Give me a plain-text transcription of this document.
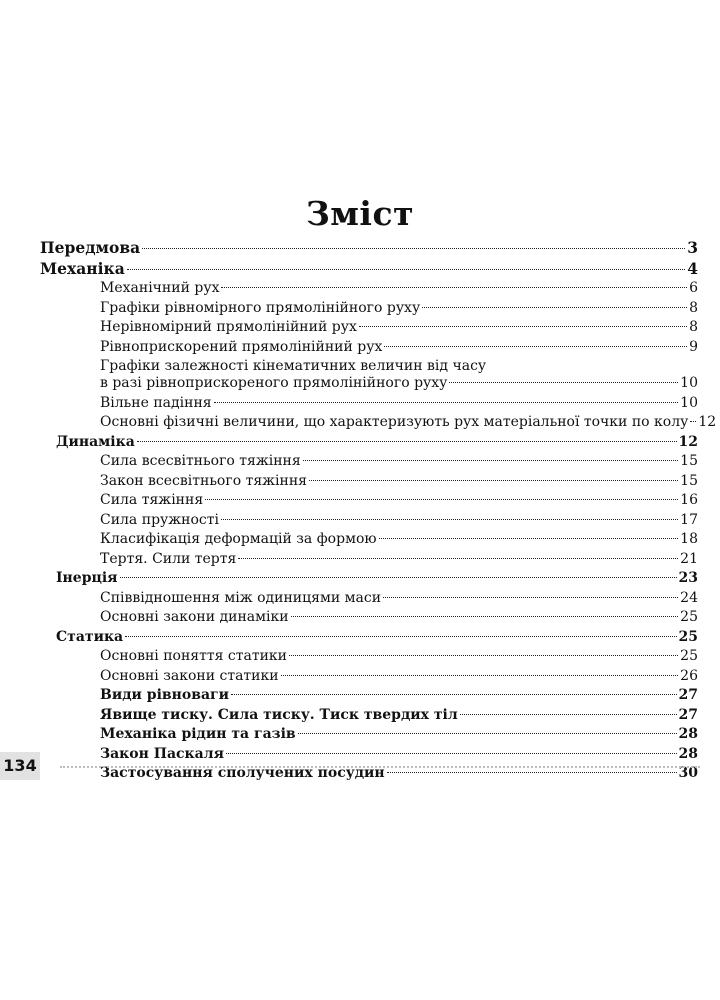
Зміст
Передмова	3
Механіка	4
Механічний рух	6
Графіки рівномірного прямолінійного руху	8
Нерівномірний прямолінійний рух	8
Рівноприскорений прямолінійний рух	9
Графіки залежності кінематичних величин від часу
в разі рівноприскореного прямолінійного руху	10
Вільне падіння	10
Основні фізичні величини, що характеризують рух матеріальної точки по колу 12
Динаміка	12
Сила всесвітнього тяжіння	15
Закон всесвітнього тяжіння	15
Сила тяжіння	16
Сила пружності	17
Класифікація деформацій за формою	18
Тертя. Сили тертя	21
Інерція	23
Співвідношення між одиницями маси	24
Основні закони динаміки	25
Статика	25
Основні поняття статики	25
Основні закони статики	26
Види рівноваги	27
Явище тиску. Сила тиску. Тиск твердих тіл	27
Механіка рідин та газів	28
Закон Паскаля	28
Застосування сполучених посудин	30
134
